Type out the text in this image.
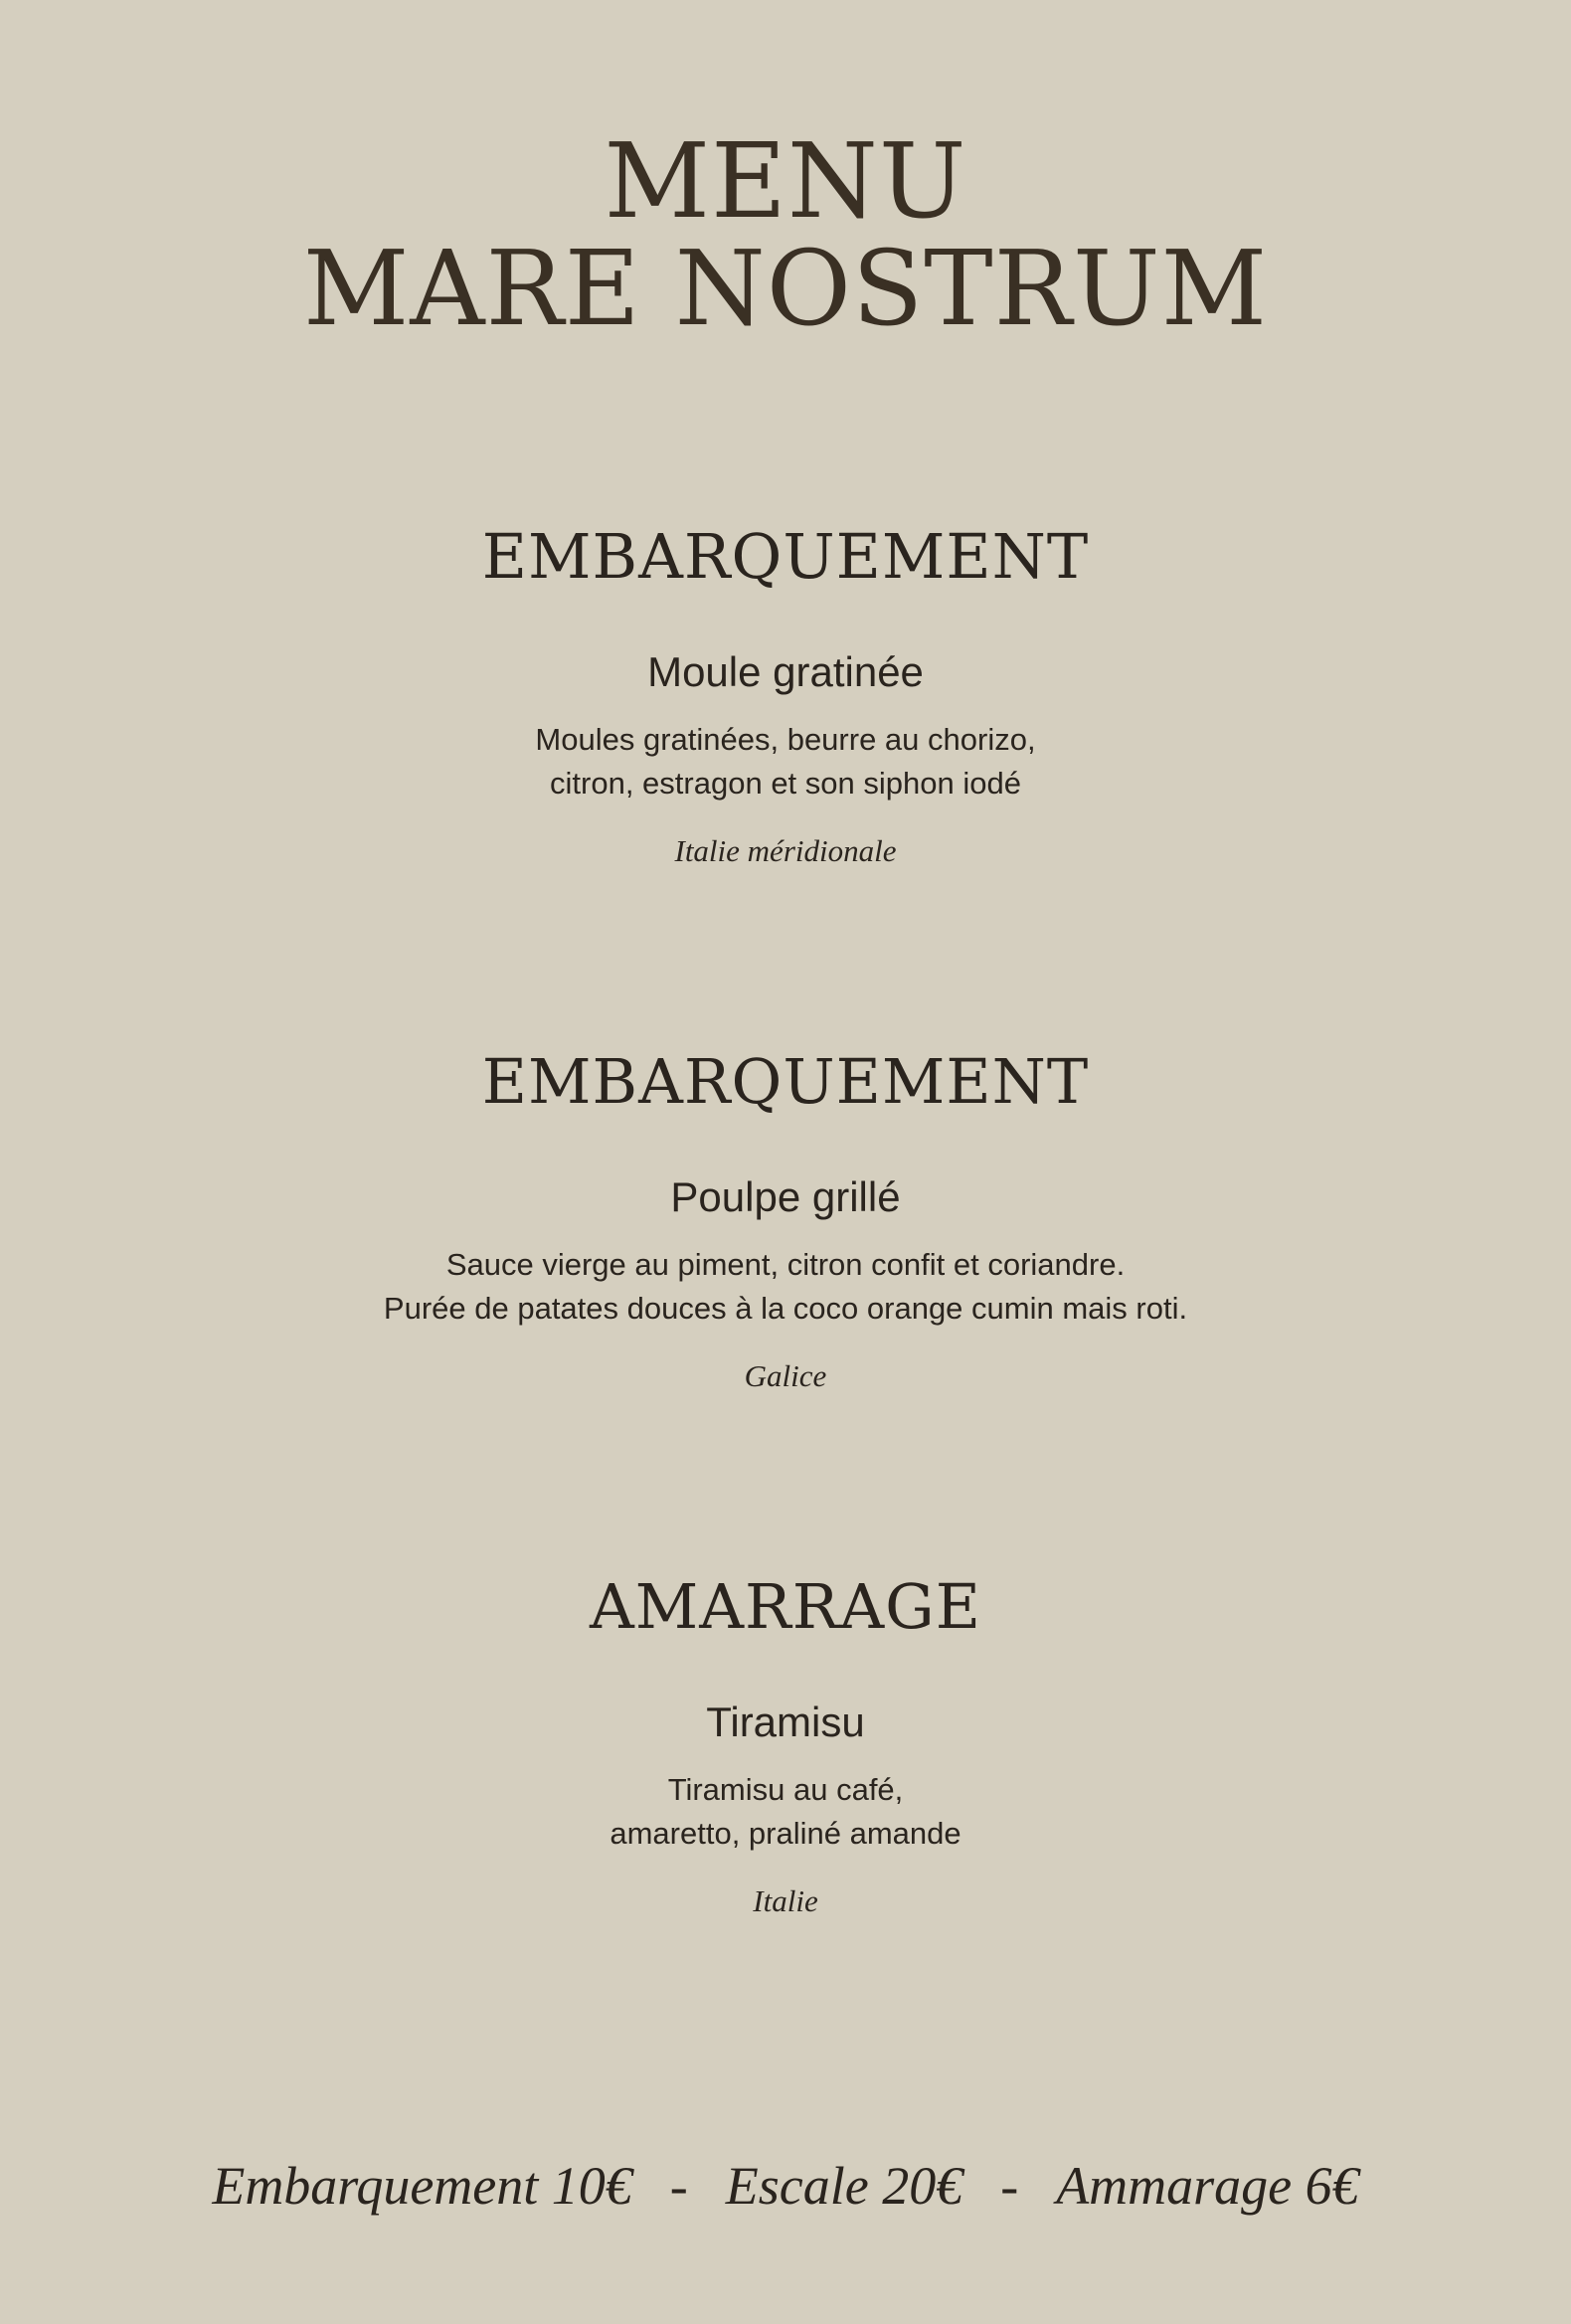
MENU
MARE NOSTRUM
EMBARQUEMENT
Moule gratinée
Moules gratinées, beurre au chorizo,
citron, estragon et son siphon iodé
Italie méridionale
EMBARQUEMENT
Poulpe grillé
Sauce vierge au piment, citron confit et coriandre.
Purée de patates douces à la coco orange cumin mais roti.
Galice
AMARRAGE
Tiramisu
Tiramisu au café,
amaretto, praliné amande
Italie
Embarquement 10€ - Escale 20€ - Ammarage 6€
